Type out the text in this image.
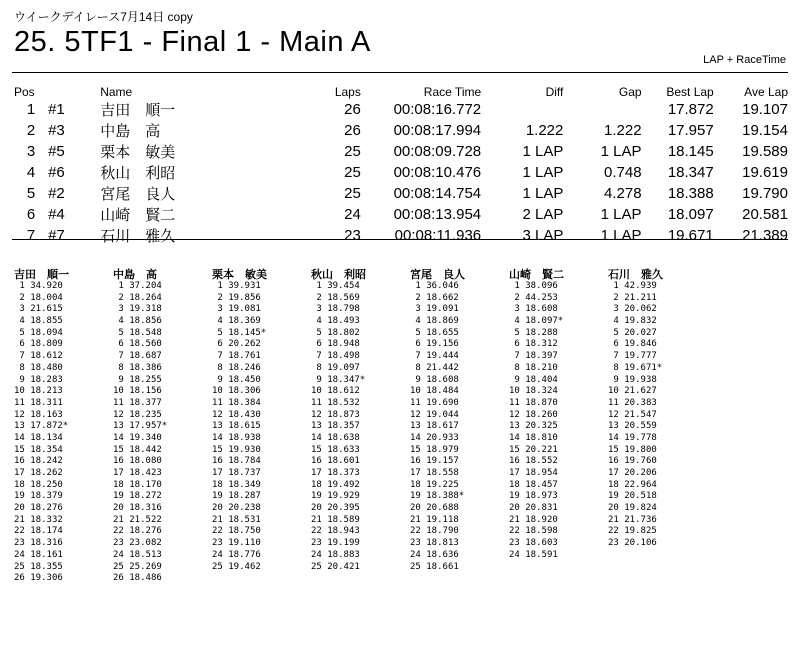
ウイークデイレース7月14日 copy
25. 5TF1 - Final 1 - Main A
LAP + RaceTime
Pos		Name	Laps	Race Time	Diff	Gap	Best Lap	Ave Lap
1	#1	吉田　順一	26	00:08:16.772			17.872	19.107
2	#3	中島　高	26	00:08:17.994	1.222	1.222	17.957	19.154
3	#5	栗本　敏美	25	00:08:09.728	1 LAP	1 LAP	18.145	19.589
4	#6	秋山　利昭	25	00:08:10.476	1 LAP	0.748	18.347	19.619
5	#2	宮尾　良人	25	00:08:14.754	1 LAP	4.278	18.388	19.790
6	#4	山崎　賢二	24	00:08:13.954	2 LAP	1 LAP	18.097	20.581
7	#7	石川　雅久	23	00:08:11.936	3 LAP	1 LAP	19.671	21.389
吉田　順一
1 34.920
2 18.004
3 21.615
4 18.855
5 18.094
6 18.809
7 18.612
8 18.480
9 18.283
10 18.213
11 18.311
12 18.163
13 17.872*
14 18.134
15 18.354
16 18.242
17 18.262
18 18.250
19 18.379
20 18.276
21 18.332
22 18.174
23 18.316
24 18.161
25 18.355
26 19.306
中島　高
1 37.204
2 18.264
3 19.318
4 18.856
5 18.548
6 18.560
7 18.687
8 18.386
9 18.255
10 18.156
11 18.377
12 18.235
13 17.957*
14 19.340
15 18.442
16 18.080
17 18.423
18 18.170
19 18.272
20 18.316
21 21.522
22 18.276
23 23.082
24 18.513
25 25.269
26 18.486
栗本　敏美
1 39.931
2 19.856
3 19.081
4 18.369
5 18.145*
6 20.262
7 18.761
8 18.246
9 18.450
10 18.306
11 18.384
12 18.430
13 18.615
14 18.938
15 19.930
16 18.784
17 18.737
18 18.349
19 18.287
20 20.238
21 18.531
22 18.750
23 19.110
24 18.776
25 19.462
秋山　利昭
1 39.454
2 18.569
3 18.798
4 18.493
5 18.802
6 18.948
7 18.498
8 19.097
9 18.347*
10 18.612
11 18.532
12 18.873
13 18.357
14 18.638
15 18.633
16 18.601
17 18.373
18 19.492
19 19.929
20 20.395
21 18.589
22 18.943
23 19.199
24 18.883
25 20.421
宮尾　良人
1 36.046
2 18.662
3 19.091
4 18.869
5 18.655
6 19.156
7 19.444
8 21.442
9 18.608
10 18.484
11 19.690
12 19.044
13 18.617
14 20.933
15 18.979
16 19.157
17 18.558
18 19.225
19 18.388*
20 20.688
21 19.118
22 18.790
23 18.813
24 18.636
25 18.661
山崎　賢二
1 38.096
2 44.253
3 18.608
4 18.097*
5 18.288
6 18.312
7 18.397
8 18.210
9 18.404
10 18.324
11 18.870
12 18.260
13 20.325
14 18.810
15 20.221
16 18.552
17 18.954
18 18.457
19 18.973
20 20.831
21 18.920
22 18.598
23 18.603
24 18.591
石川　雅久
1 42.939
2 21.211
3 20.062
4 19.832
5 20.027
6 19.846
7 19.777
8 19.671*
9 19.938
10 21.627
11 20.383
12 21.547
13 20.559
14 19.778
15 19.800
16 19.760
17 20.206
18 22.964
19 20.518
20 19.824
21 21.736
22 19.825
23 20.106
